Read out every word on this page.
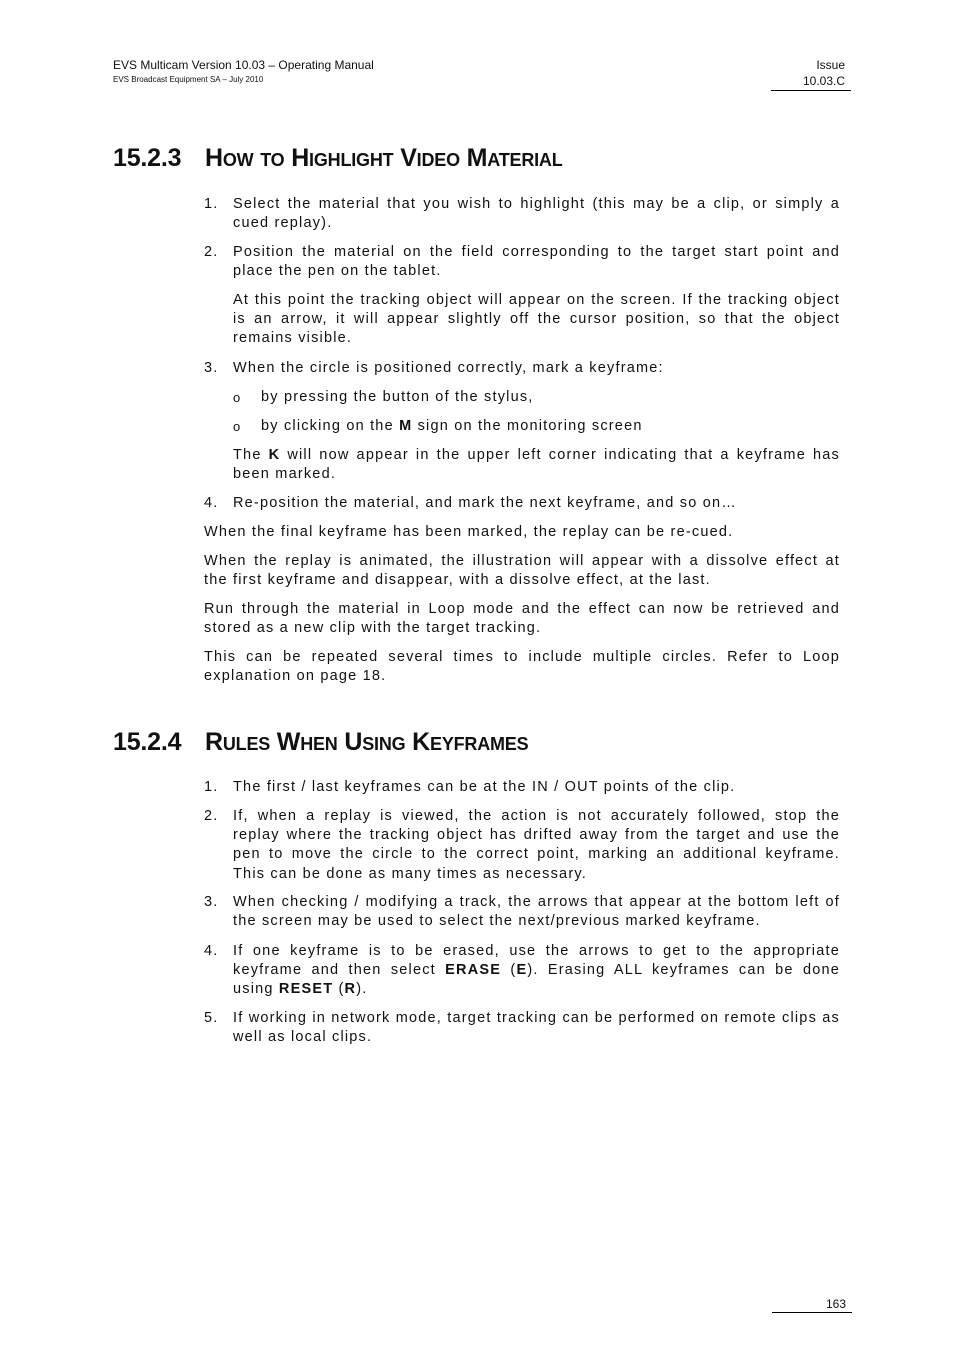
EVS Multicam Version 10.03 – Operating Manual
EVS Broadcast Equipment SA – July 2010
Issue
10.03.C
15.2.3 How to Highlight Video Material
1. Select the material that you wish to highlight (this may be a clip, or simply a cued replay).
2. Position the material on the field corresponding to the target start point and place the pen on the tablet.
At this point the tracking object will appear on the screen. If the tracking object is an arrow, it will appear slightly off the cursor position, so that the object remains visible.
3. When the circle is positioned correctly, mark a keyframe:
o by pressing the button of the stylus,
o by clicking on the M sign on the monitoring screen
The K will now appear in the upper left corner indicating that a keyframe has been marked.
4. Re-position the material, and mark the next keyframe, and so on…
When the final keyframe has been marked, the replay can be re-cued.
When the replay is animated, the illustration will appear with a dissolve effect at the first keyframe and disappear, with a dissolve effect, at the last.
Run through the material in Loop mode and the effect can now be retrieved and stored as a new clip with the target tracking.
This can be repeated several times to include multiple circles. Refer to Loop explanation on page 18.
15.2.4 Rules When Using Keyframes
1. The first / last keyframes can be at the IN / OUT points of the clip.
2. If, when a replay is viewed, the action is not accurately followed, stop the replay where the tracking object has drifted away from the target and use the pen to move the circle to the correct point, marking an additional keyframe. This can be done as many times as necessary.
3. When checking / modifying a track, the arrows that appear at the bottom left of the screen may be used to select the next/previous marked keyframe.
4. If one keyframe is to be erased, use the arrows to get to the appropriate keyframe and then select ERASE (E). Erasing ALL keyframes can be done using RESET (R).
5. If working in network mode, target tracking can be performed on remote clips as well as local clips.
163
